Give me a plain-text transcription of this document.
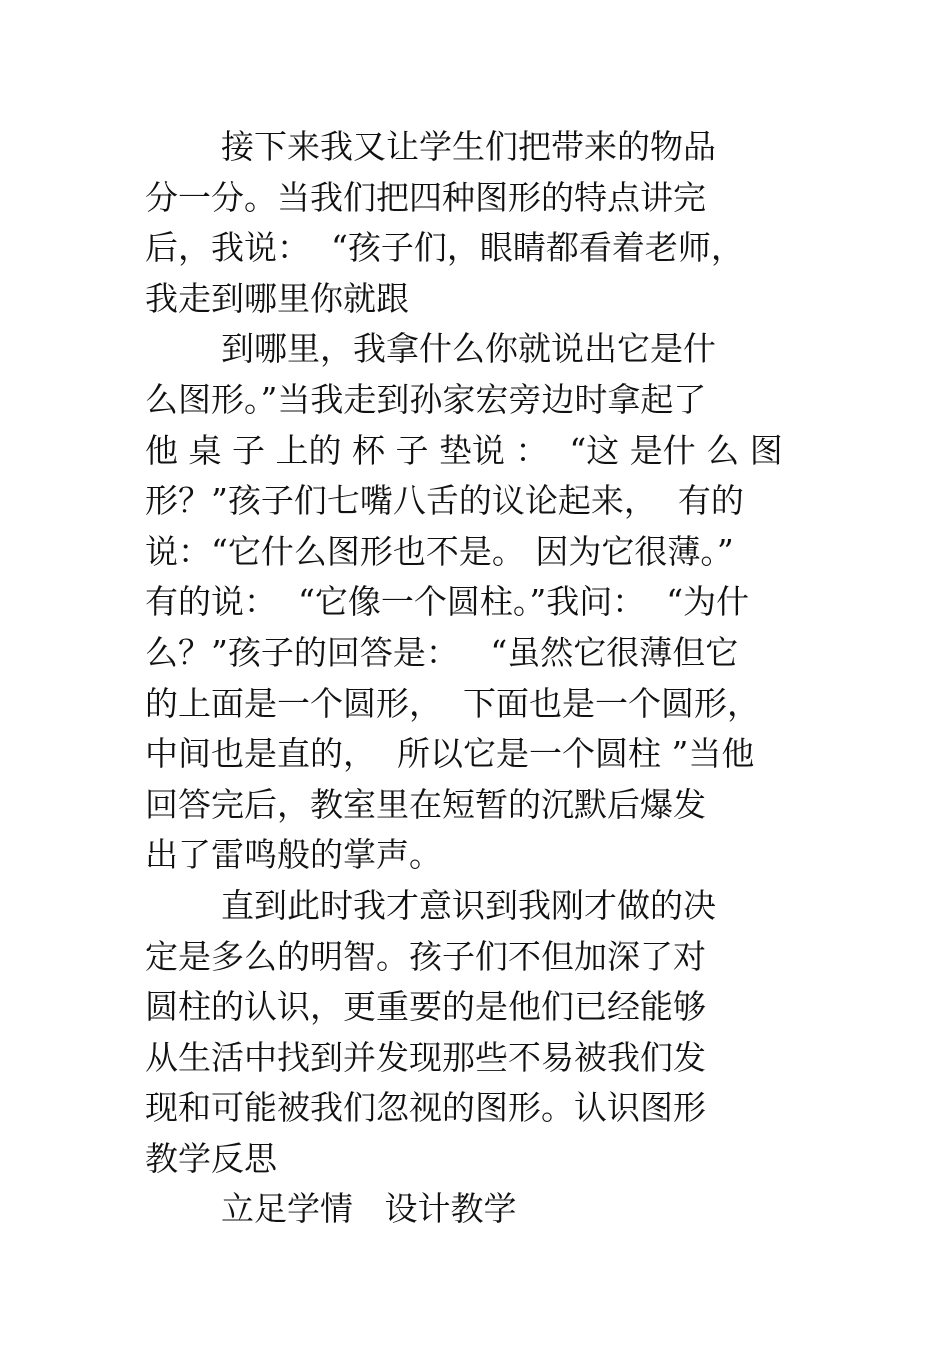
接下来我又让学生们把带来的物品
分一分。当我们把四种图形的特点讲完
后，我说：  “孩子们，眼睛都看着老师，
我走到哪里你就跟
到哪里，我拿什么你就说出它是什
么图形。”当我走到孙家宏旁边时拿起了
他 桌 子 上的 杯 子 垫说 ：  “这 是什 么 图
形？”孩子们七嘴八舌的议论起来，  有的
说：“它什么图形也不是。 因为它很薄。”
有的说：  “它像一个圆柱。”我问：  “为什
么？”孩子的回答是：   “虽然它很薄但它
的上面是一个圆形，  下面也是一个圆形，
中间也是直的，  所以它是一个圆柱 ”当他
回答完后，教室里在短暂的沉默后爆发
出了雷鸣般的掌声。
直到此时我才意识到我刚才做的决
定是多么的明智。孩子们不但加深了对
圆柱的认识，更重要的是他们已经能够
从生活中找到并发现那些不易被我们发
现和可能被我们忽视的图形。认识图形
教学反思
立足学情   设计教学
